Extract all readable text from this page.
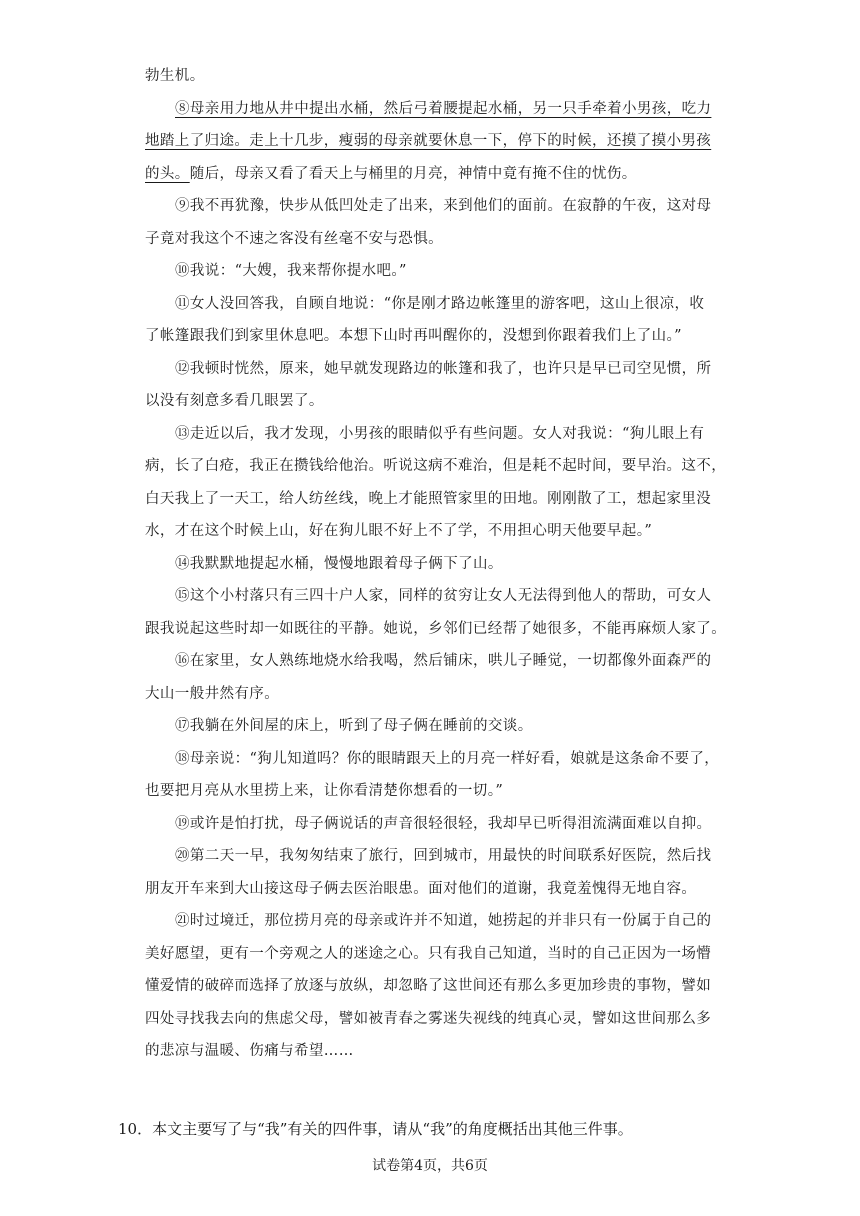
勃生机。
⑧母亲用力地从井中提出水桶，然后弓着腰提起水桶，另一只手牵着小男孩，吃力
地踏上了归途。走上十几步，瘦弱的母亲就要休息一下，停下的时候，还摸了摸小男孩
的头。随后，母亲又看了看天上与桶里的月亮，神情中竟有掩不住的忧伤。
⑨我不再犹豫，快步从低凹处走了出来，来到他们的面前。在寂静的午夜，这对母
子竟对我这个不速之客没有丝毫不安与恐惧。
⑩我说：“大嫂，我来帮你提水吧。”
⑪女人没回答我，自顾自地说：“你是刚才路边帐篷里的游客吧，这山上很凉，收
了帐篷跟我们到家里休息吧。本想下山时再叫醒你的，没想到你跟着我们上了山。”
⑫我顿时恍然，原来，她早就发现路边的帐篷和我了，也许只是早已司空见惯，所
以没有刻意多看几眼罢了。
⑬走近以后，我才发现，小男孩的眼睛似乎有些问题。女人对我说：“狗儿眼上有
病，长了白疮，我正在攒钱给他治。听说这病不难治，但是耗不起时间，要早治。这不，
白天我上了一天工，给人纺丝线，晚上才能照管家里的田地。刚刚散了工，想起家里没
水，才在这个时候上山，好在狗儿眼不好上不了学，不用担心明天他要早起。”
⑭我默默地提起水桶，慢慢地跟着母子俩下了山。
⑮这个小村落只有三四十户人家，同样的贫穷让女人无法得到他人的帮助，可女人
跟我说起这些时却一如既往的平静。她说，乡邻们已经帮了她很多，不能再麻烦人家了。
⑯在家里，女人熟练地烧水给我喝，然后铺床，哄儿子睡觉，一切都像外面森严的
大山一般井然有序。
⑰我躺在外间屋的床上，听到了母子俩在睡前的交谈。
⑱母亲说：“狗儿知道吗？你的眼睛跟天上的月亮一样好看，娘就是这条命不要了，
也要把月亮从水里捞上来，让你看清楚你想看的一切。”
⑲或许是怕打扰，母子俩说话的声音很轻很轻，我却早已听得泪流满面难以自抑。
⑳第二天一早，我匆匆结束了旅行，回到城市，用最快的时间联系好医院，然后找
朋友开车来到大山接这母子俩去医治眼患。面对他们的道谢，我竟羞愧得无地自容。
㉑时过境迁，那位捞月亮的母亲或许并不知道，她捞起的并非只有一份属于自己的
美好愿望，更有一个旁观之人的迷途之心。只有我自己知道，当时的自己正因为一场懵
懂爱情的破碎而选择了放逐与放纵，却忽略了这世间还有那么多更加珍贵的事物，譬如
四处寻找我去向的焦虑父母，譬如被青春之雾迷失视线的纯真心灵，譬如这世间那么多
的悲凉与温暖、伤痛与希望……
10．本文主要写了与“我”有关的四件事，请从“我”的角度概括出其他三件事。
试卷第4页，共6页
